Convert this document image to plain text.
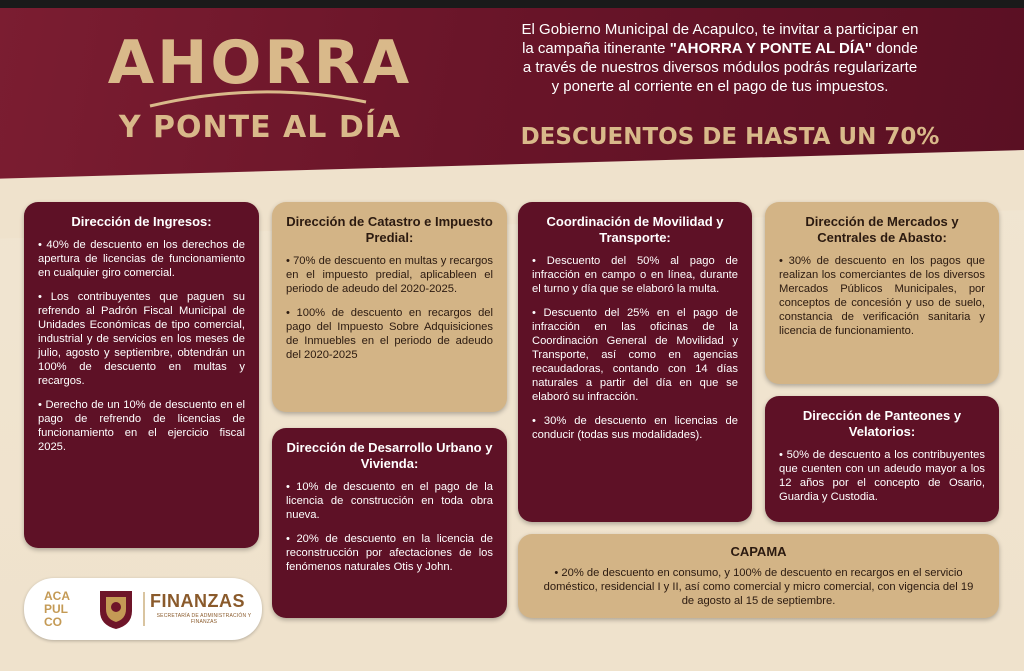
AHORRA
Y PONTE AL DÍA
El Gobierno Municipal de Acapulco, te invitar a participar en la campaña itinerante "AHORRA Y PONTE AL DÍA" donde a través de nuestros diversos módulos podrás regularizarte y ponerte al corriente en el pago de tus impuestos.
DESCUENTOS DE HASTA UN 70%
Dirección de Ingresos:

• 40% de descuento en los derechos de apertura de licencias de funcionamiento en cualquier giro comercial.

• Los contribuyentes que paguen su refrendo al Padrón Fiscal Municipal de Unidades Económicas de tipo comercial, industrial y de servicios en los meses de julio, agosto y septiembre, obtendrán un 100% de descuento en multas y recargos.

• Derecho de un 10% de descuento en el pago de refrendo de licencias de funcionamiento en el ejercicio fiscal 2025.

Dirección de Catastro e Impuesto Predial:

• 70% de descuento en multas y recargos en el impuesto predial, aplicableen el periodo de adeudo del 2020-2025.

• 100% de descuento en recargos del pago del Impuesto Sobre Adquisiciones de Inmuebles en el periodo de adeudo del 2020-2025

Dirección de Desarrollo Urbano y Vivienda:

• 10% de descuento en el pago de la licencia de construcción en toda obra nueva.

• 20% de descuento en la licencia de reconstrucción por afectaciones de los fenómenos naturales Otis y John.

Coordinación de Movilidad y Transporte:

• Descuento del 50% al pago de infracción en campo o en línea, durante el turno y día que se elaboró la multa.

• Descuento del 25% en el pago de infracción en las oficinas de la Coordinación General de Movilidad y Transporte, así como en agencias recaudadoras, contando con 14 días naturales a partir del día en que se elaboró su infracción.

• 30% de descuento en licencias de conducir (todas sus modalidades).

Dirección de Mercados y Centrales de Abasto:

• 30% de descuento en los pagos que realizan los comerciantes de los diversos Mercados Públicos Municipales, por conceptos de concesión y uso de suelo, constancia de verificación sanitaria y licencia de funcionamiento.

Dirección de Panteones y Velatorios:

• 50% de descuento a los contribuyentes que cuenten con un adeudo mayor a los 12 años por el concepto de Osario, Guardia y Custodia.

CAPAMA

• 20% de descuento en consumo, y 100% de descuento en recargos en el servicio doméstico, residencial I y II, así como comercial y micro comercial, con vigencia del 19 de agosto al 15 de septiembre.

ACA
PUL
CO
FINANZAS
SECRETARÍA DE ADMINISTRACIÓN Y FINANZAS
